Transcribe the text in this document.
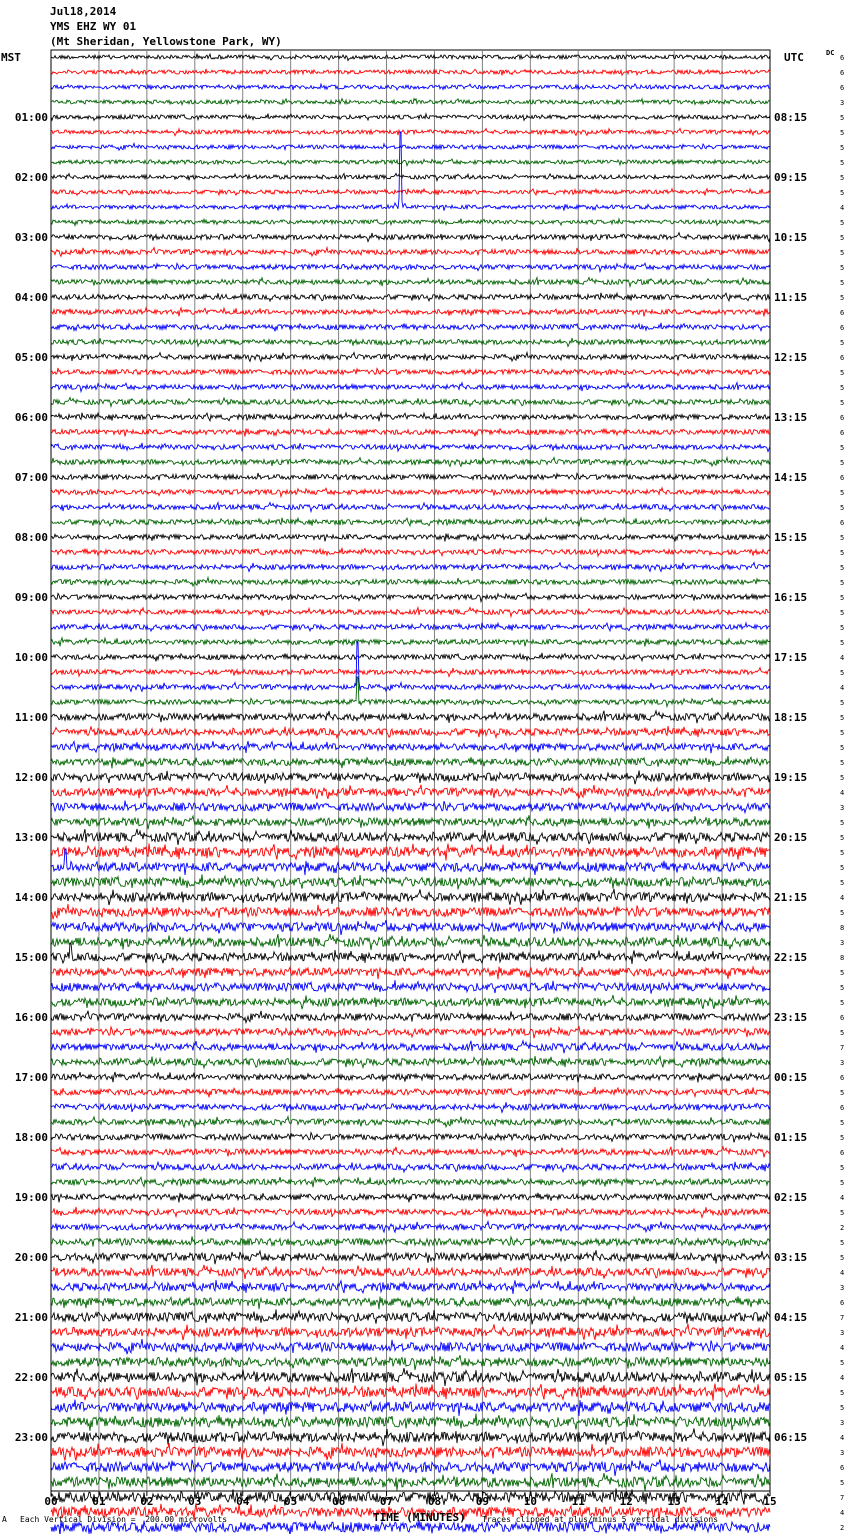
Jul18,2014
YMS EHZ WY 01
(Mt Sheridan, Yellowstone Park, WY)
MST	UTC	DC
00	01	02	03	04	05	06	07	08	09	10	11	12	13	14	15
6
6
6
3
5
01:00	08:15
5
5
5
5
02:00	09:15
5
4
5
5
03:00	10:15
5
5
5
5
04:00	11:15
6
6
5
6
05:00	12:15
5
5
5
6
06:00	13:15
6
5
5
6
07:00	14:15
5
5
6
5
08:00	15:15
5
5
5
5
09:00	16:15
5
5
5
4
10:00	17:15
5
4
5
5
11:00	18:15
5
5
5
5
12:00	19:15
4
3
5
5
13:00	20:15
5
5
5
4
14:00	21:15
5
8
3
8
15:00	22:15
5
5
5
6
16:00	23:15
5
7
3
6
17:00	00:15
5
6
5
5
18:00	01:15
6
5
5
4
19:00	02:15
5
2
5
5
20:00	03:15
4
3
6
7
21:00	04:15
3
4
5
4
22:00	05:15
5
5
3
4
23:00	06:15
3
6
5
7
4
2
A Each Vertical Division =  200.00 microvolts	TIME (MINUTES) Traces clipped at plus/minus 5 vertical divisions
